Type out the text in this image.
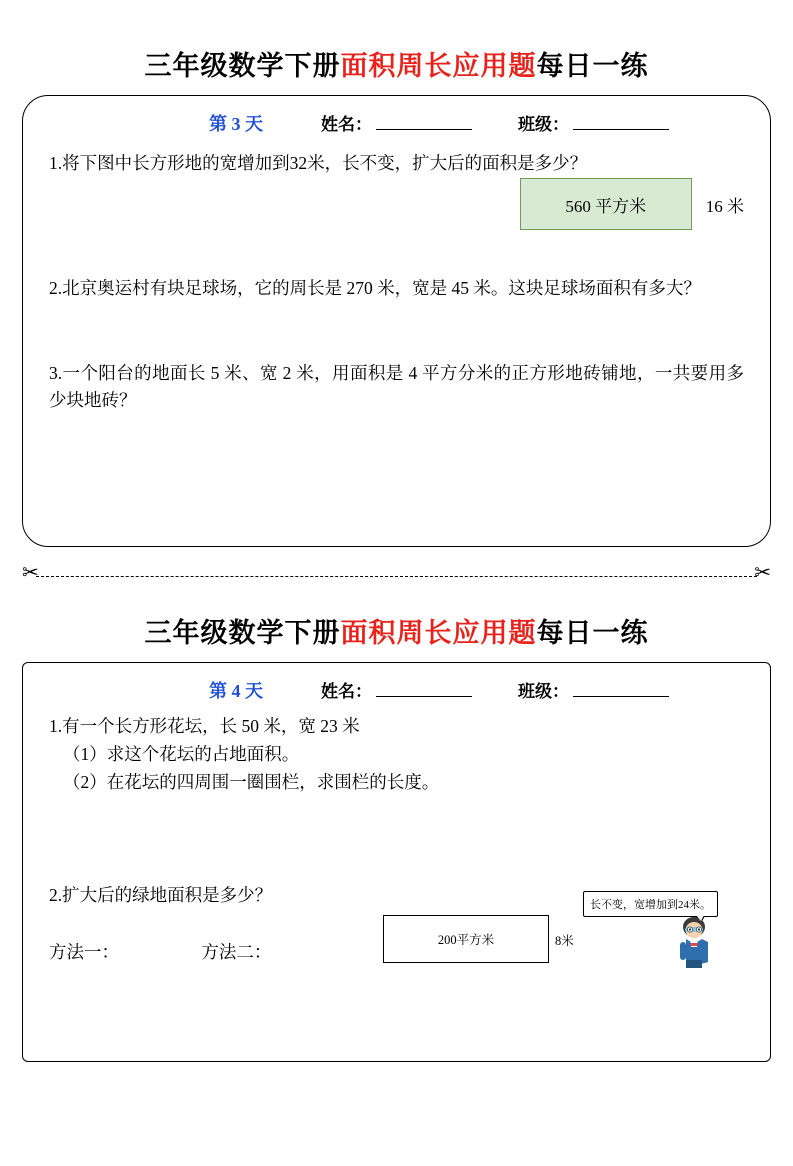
三年级数学下册面积周长应用题每日一练
第 3 天	姓名：	班级：
1.将下图中长方形地的宽增加到32米，长不变，扩大后的面积是多少？
560 平方米	16 米
2.北京奥运村有块足球场，它的周长是 270 米，宽是 45 米。这块足球场面积有多大？
3.一个阳台的地面长 5 米、宽 2 米，用面积是 4 平方分米的正方形地砖铺地，一共要用多少块地砖？
✂	✂
三年级数学下册面积周长应用题每日一练
第 4 天	姓名：	班级：
1.有一个长方形花坛，长 50 米，宽 23 米
（1）求这个花坛的占地面积。
（2）在花坛的四周围一圈围栏，求围栏的长度。
2.扩大后的绿地面积是多少？
方法一：	方法二：
200平方米	8米
长不变，宽增加到24米。
